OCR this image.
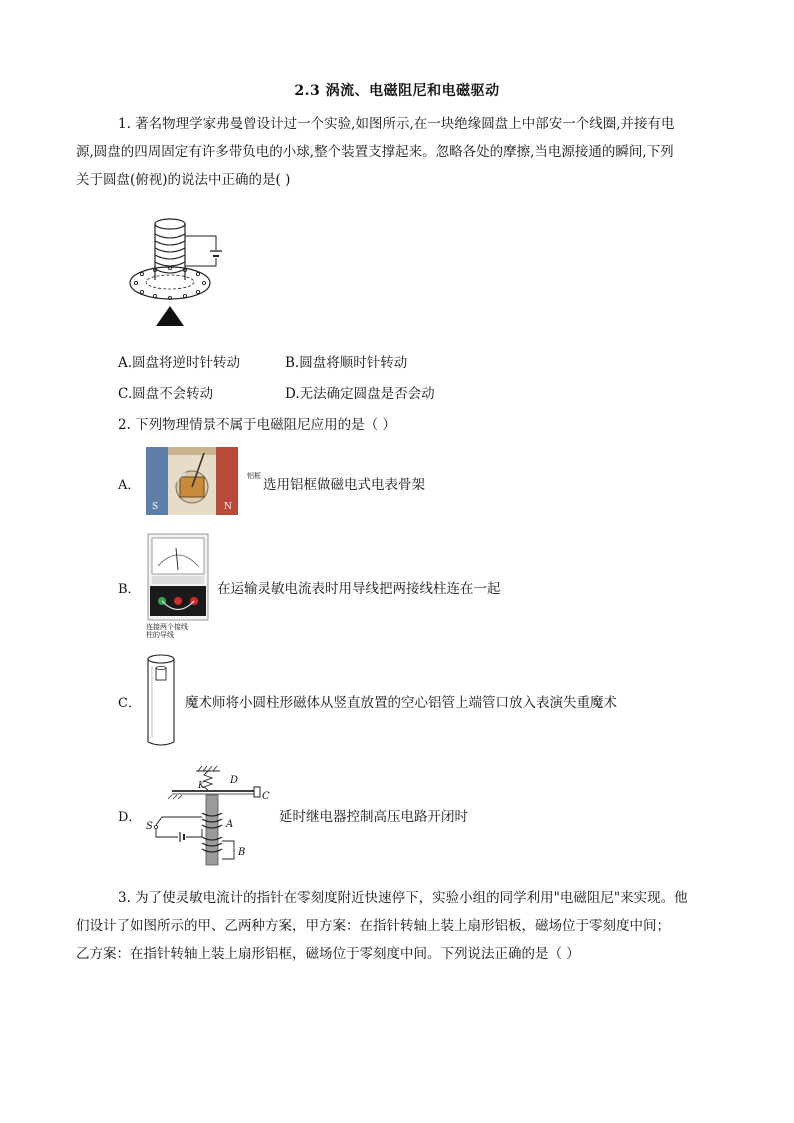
2.3 涡流、电磁阻尼和电磁驱动
1. 著名物理学家弗曼曾设计过一个实验,如图所示,在一块绝缘圆盘上中部安一个线圈,并接有电
源,圆盘的四周固定有许多带负电的小球,整个装置支撑起来。忽略各处的摩擦,当电源接通的瞬间,下列
关于圆盘(俯视)的说法中正确的是( )
A.圆盘将逆时针转动	B.圆盘将顺时针转动
C.圆盘不会转动	D.无法确定圆盘是否会动
2. 下列物理情景不属于电磁阻尼应用的是（ ）
A．
S	N
铝框
选用铝框做磁电式电表骨架
B．
连接两个接线
柱的导线
在运输灵敏电流表时用导线把两接线柱连在一起
C．	魔术师将小圆柱形磁体从竖直放置的空心铝管上端管口放入表演失重魔术
D．
K	D
C
A
B
S
延时继电器控制高压电路开闭时
3. 为了使灵敏电流计的指针在零刻度附近快速停下，实验小组的同学利用"电磁阻尼"来实现。他
们设计了如图所示的甲、乙两种方案，甲方案：在指针转轴上装上扇形铝板，磁场位于零刻度中间；
乙方案：在指针转轴上装上扇形铝框，磁场位于零刻度中间。下列说法正确的是（ ）
